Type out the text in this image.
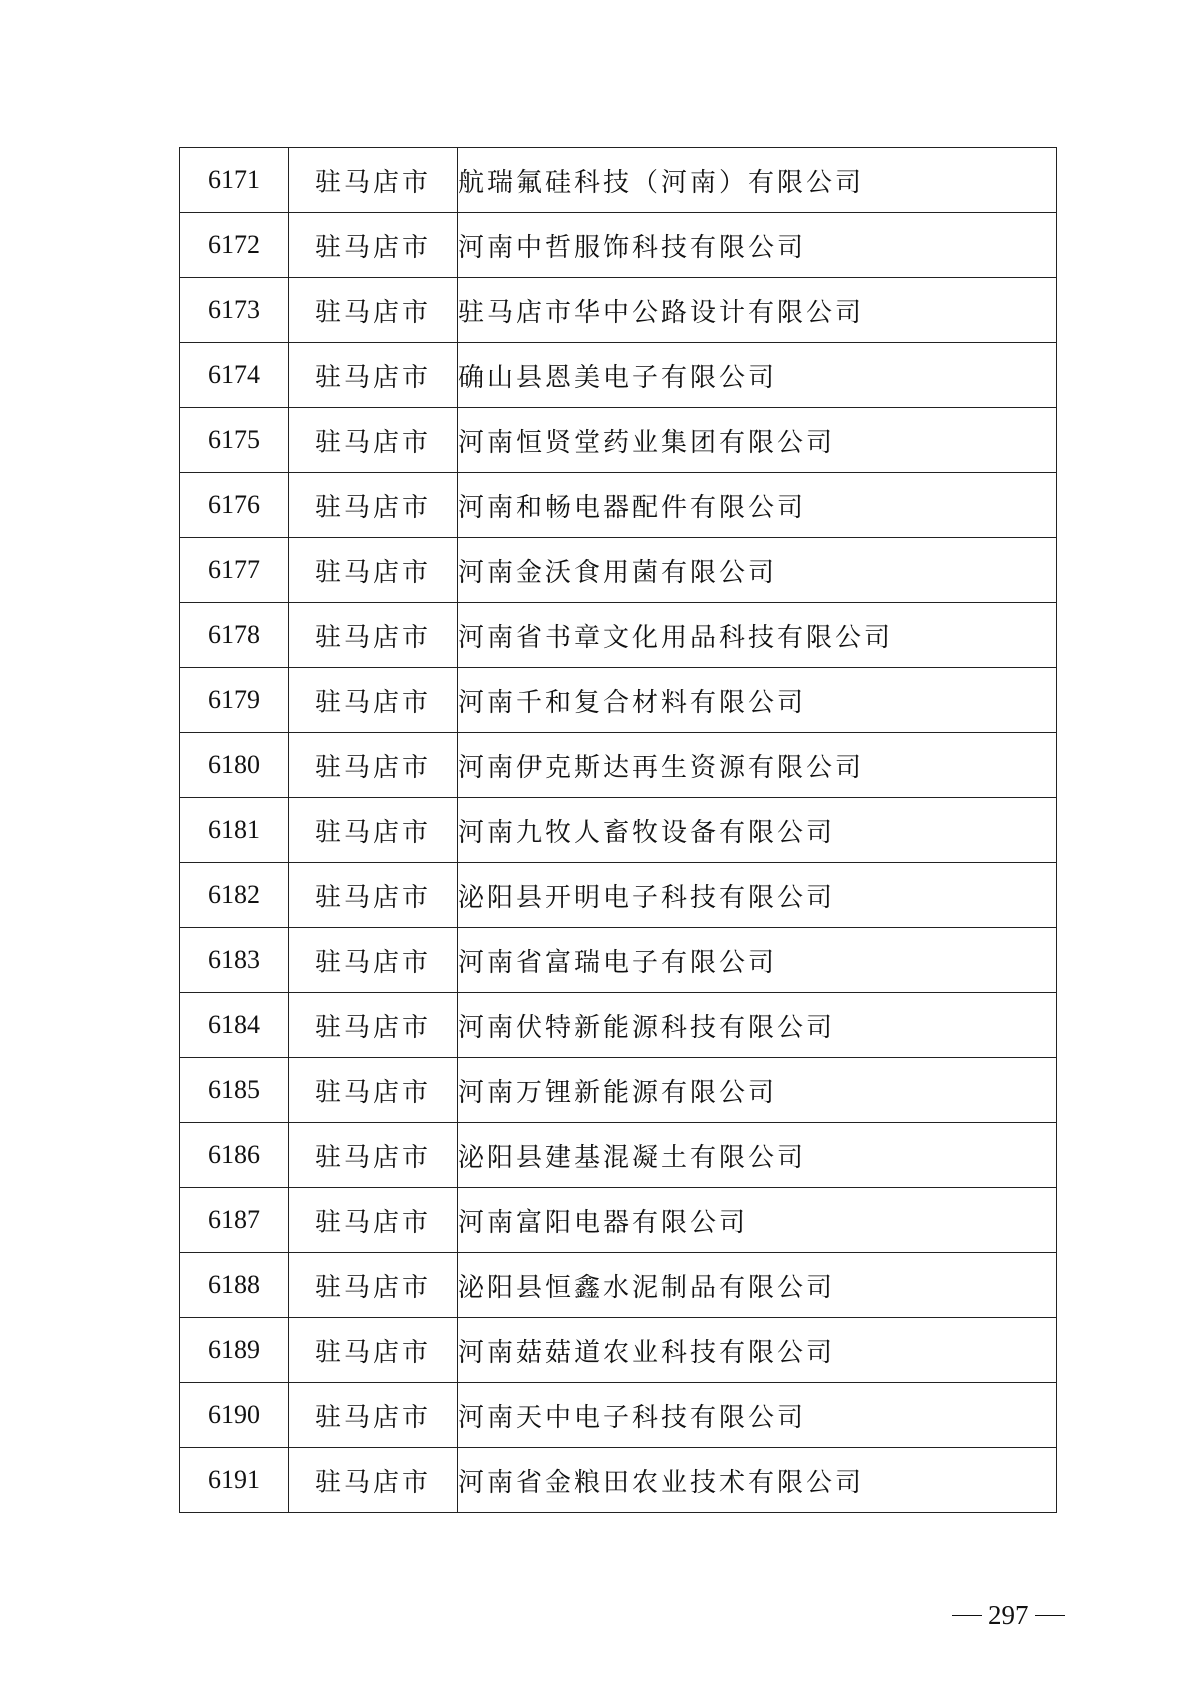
6171	驻马店市	航瑞氟硅科技（河南）有限公司
6172	驻马店市	河南中哲服饰科技有限公司
6173	驻马店市	驻马店市华中公路设计有限公司
6174	驻马店市	确山县恩美电子有限公司
6175	驻马店市	河南恒贤堂药业集团有限公司
6176	驻马店市	河南和畅电器配件有限公司
6177	驻马店市	河南金沃食用菌有限公司
6178	驻马店市	河南省书章文化用品科技有限公司
6179	驻马店市	河南千和复合材料有限公司
6180	驻马店市	河南伊克斯达再生资源有限公司
6181	驻马店市	河南九牧人畜牧设备有限公司
6182	驻马店市	泌阳县开明电子科技有限公司
6183	驻马店市	河南省富瑞电子有限公司
6184	驻马店市	河南伏特新能源科技有限公司
6185	驻马店市	河南万锂新能源有限公司
6186	驻马店市	泌阳县建基混凝土有限公司
6187	驻马店市	河南富阳电器有限公司
6188	驻马店市	泌阳县恒鑫水泥制品有限公司
6189	驻马店市	河南菇菇道农业科技有限公司
6190	驻马店市	河南天中电子科技有限公司
6191	驻马店市	河南省金粮田农业技术有限公司
297
